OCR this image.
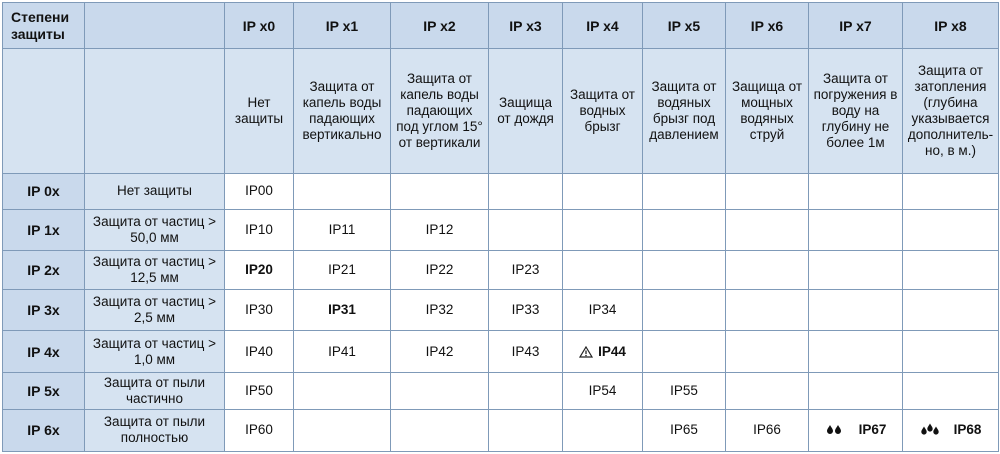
Степени защиты		IP x0	IP x1	IP x2	IP x3	IP x4	IP x5	IP x6	IP x7	IP x8
		Нет защиты	Защита от капель воды падающих вертикально	Защита от капель воды падающих под углом 15° от вертикали	Защища от дождя	Защита от водных брызг	Защита от водяных брызг под давлением	Защища от мощных водяных струй	Защита от погружения в воду на глубину не более 1м	Защита от затопления (глубина указывается дополнитель-но, в м.)
IP 0x	Нет защиты	IP00								
IP 1x	Защита от частиц > 50,0 мм	IP10	IP11	IP12						
IP 2x	Защита от частиц > 12,5 мм	IP20	IP21	IP22	IP23					
IP 3x	Защита от частиц > 2,5 мм	IP30	IP31	IP32	IP33	IP34				
IP 4x	Защита от частиц > 1,0 мм	IP40	IP41	IP42	IP43	IP44				
IP 5x	Защита от пыли частично	IP50				IP54	IP55			
IP 6x	Защита от пыли полностью	IP60					IP65	IP66	IP67	IP68
